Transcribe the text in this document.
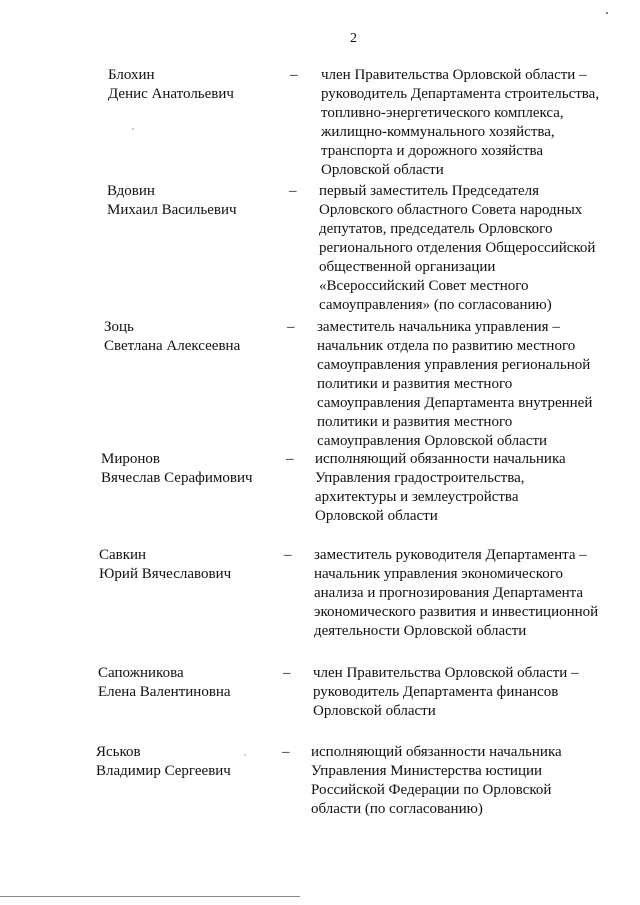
2
Блохин
Денис Анатольевич
– член Правительства Орловской области –
руководитель Департамента строительства,
топливно-энергетического комплекса,
жилищно-коммунального хозяйства,
транспорта и дорожного хозяйства
Орловской области
Вдовин
Михаил Васильевич
– первый заместитель Председателя
Орловского областного Совета народных
депутатов, председатель Орловского
регионального отделения Общероссийской
общественной организации
«Всероссийский Совет местного
самоуправления» (по согласованию)
Зоць
Светлана Алексеевна
– заместитель начальника управления –
начальник отдела по развитию местного
самоуправления управления региональной
политики и развития местного
самоуправления Департамента внутренней
политики и развития местного
самоуправления Орловской области
Миронов
Вячеслав Серафимович
– исполняющий обязанности начальника
Управления градостроительства,
архитектуры и землеустройства
Орловской области
Савкин
Юрий Вячеславович
– заместитель руководителя Департамента –
начальник управления экономического
анализа и прогнозирования Департамента
экономического развития и инвестиционной
деятельности Орловской области
Сапожникова
Елена Валентиновна
– член Правительства Орловской области –
руководитель Департамента финансов
Орловской области
Яськов
Владимир Сергеевич
– исполняющий обязанности начальника
Управления Министерства юстиции
Российской Федерации по Орловской
области (по согласованию)
